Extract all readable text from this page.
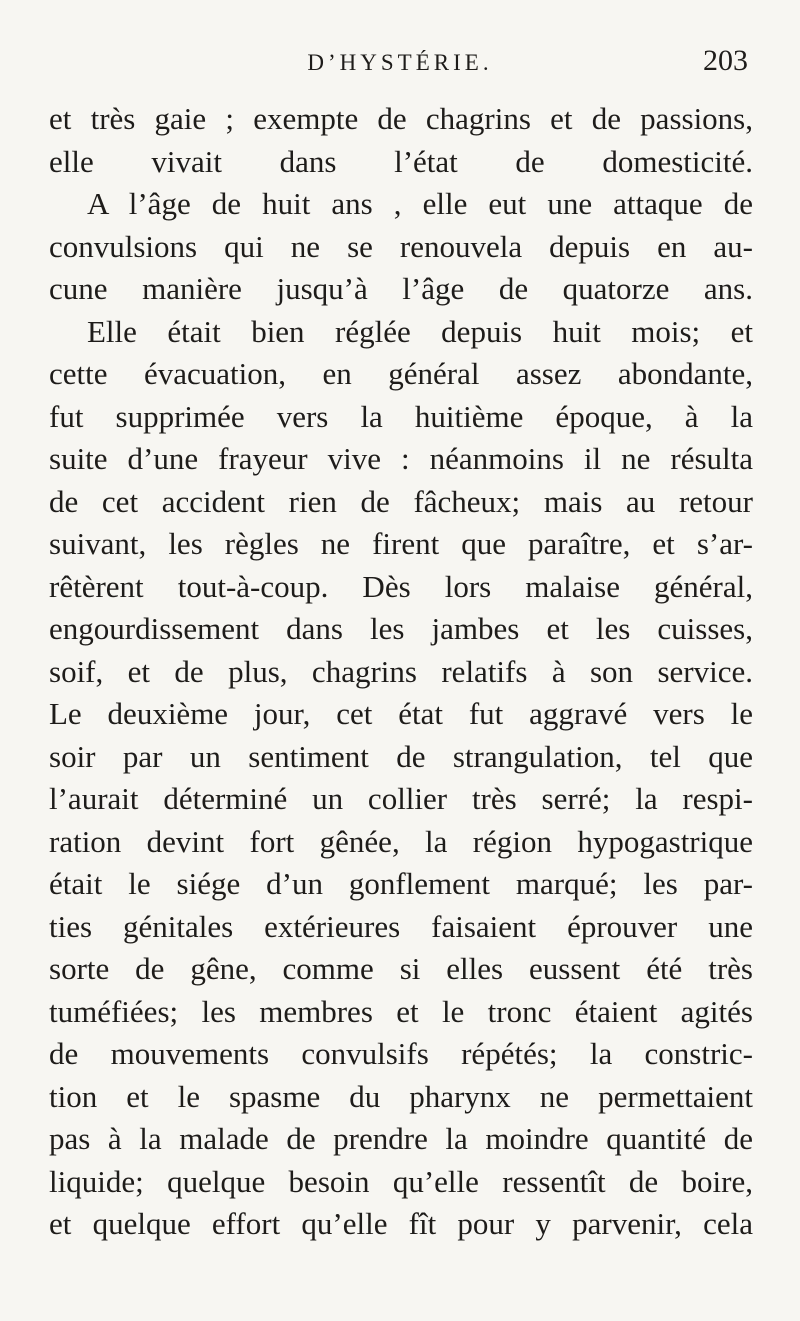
D’HYSTÉRIE.	203
et très gaie ; exempte de chagrins et de passions,
elle vivait dans l’état de domesticité.
A l’âge de huit ans , elle eut une attaque de
convulsions qui ne se renouvela depuis en au-
cune manière jusqu’à l’âge de quatorze ans.
Elle était bien réglée depuis huit mois; et
cette évacuation, en général assez abondante,
fut supprimée vers la huitième époque, à la
suite d’une frayeur vive : néanmoins il ne résulta
de cet accident rien de fâcheux; mais au retour
suivant, les règles ne firent que paraître, et s’ar-
rêtèrent tout-à-coup. Dès lors malaise général,
engourdissement dans les jambes et les cuisses,
soif, et de plus, chagrins relatifs à son service.
Le deuxième jour, cet état fut aggravé vers le
soir par un sentiment de strangulation, tel que
l’aurait déterminé un collier très serré; la respi-
ration devint fort gênée, la région hypogastrique
était le siége d’un gonflement marqué; les par-
ties génitales extérieures faisaient éprouver une
sorte de gêne, comme si elles eussent été très
tuméfiées; les membres et le tronc étaient agités
de mouvements convulsifs répétés; la constric-
tion et le spasme du pharynx ne permettaient
pas à la malade de prendre la moindre quantité de
liquide; quelque besoin qu’elle ressentît de boire,
et quelque effort qu’elle fît pour y parvenir, cela
